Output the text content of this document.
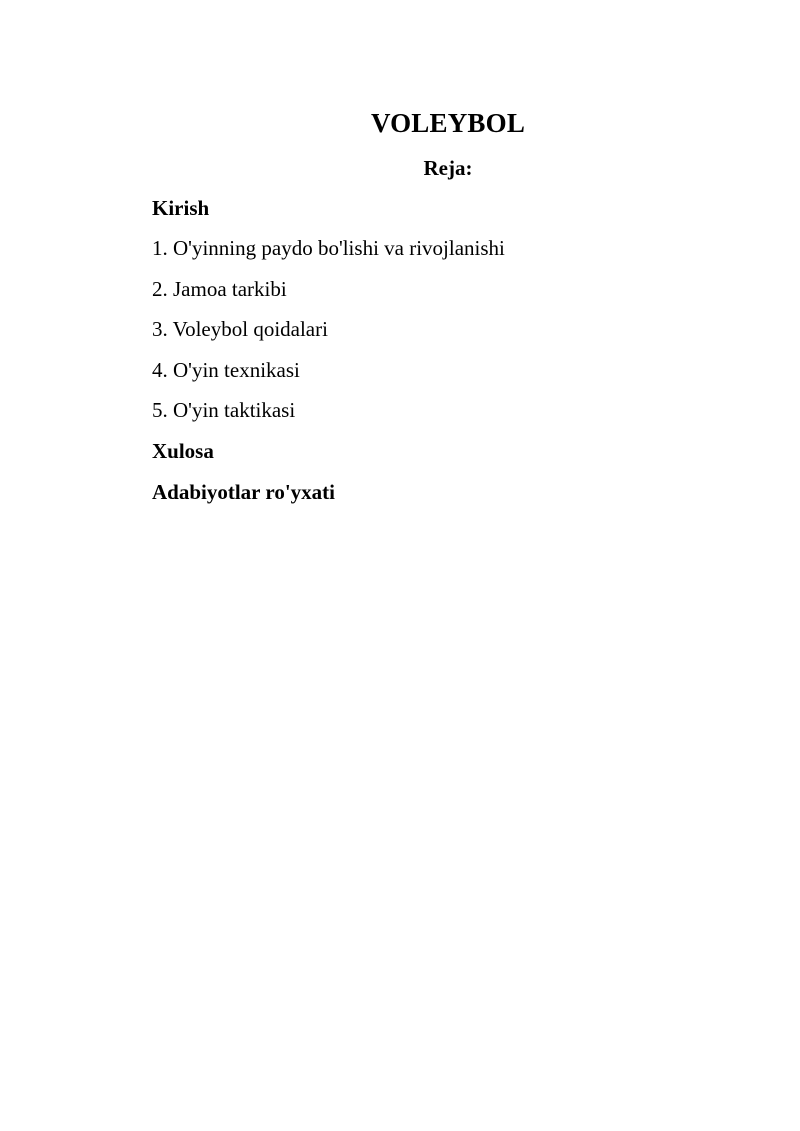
VOLEYBOL
Reja:
Kirish
1. O'yinning paydo bo'lishi va rivojlanishi
2. Jamoa tarkibi
3. Voleybol qoidalari
4. O'yin texnikasi
5. O'yin taktikasi
Xulosa
Adabiyotlar ro'yxati
